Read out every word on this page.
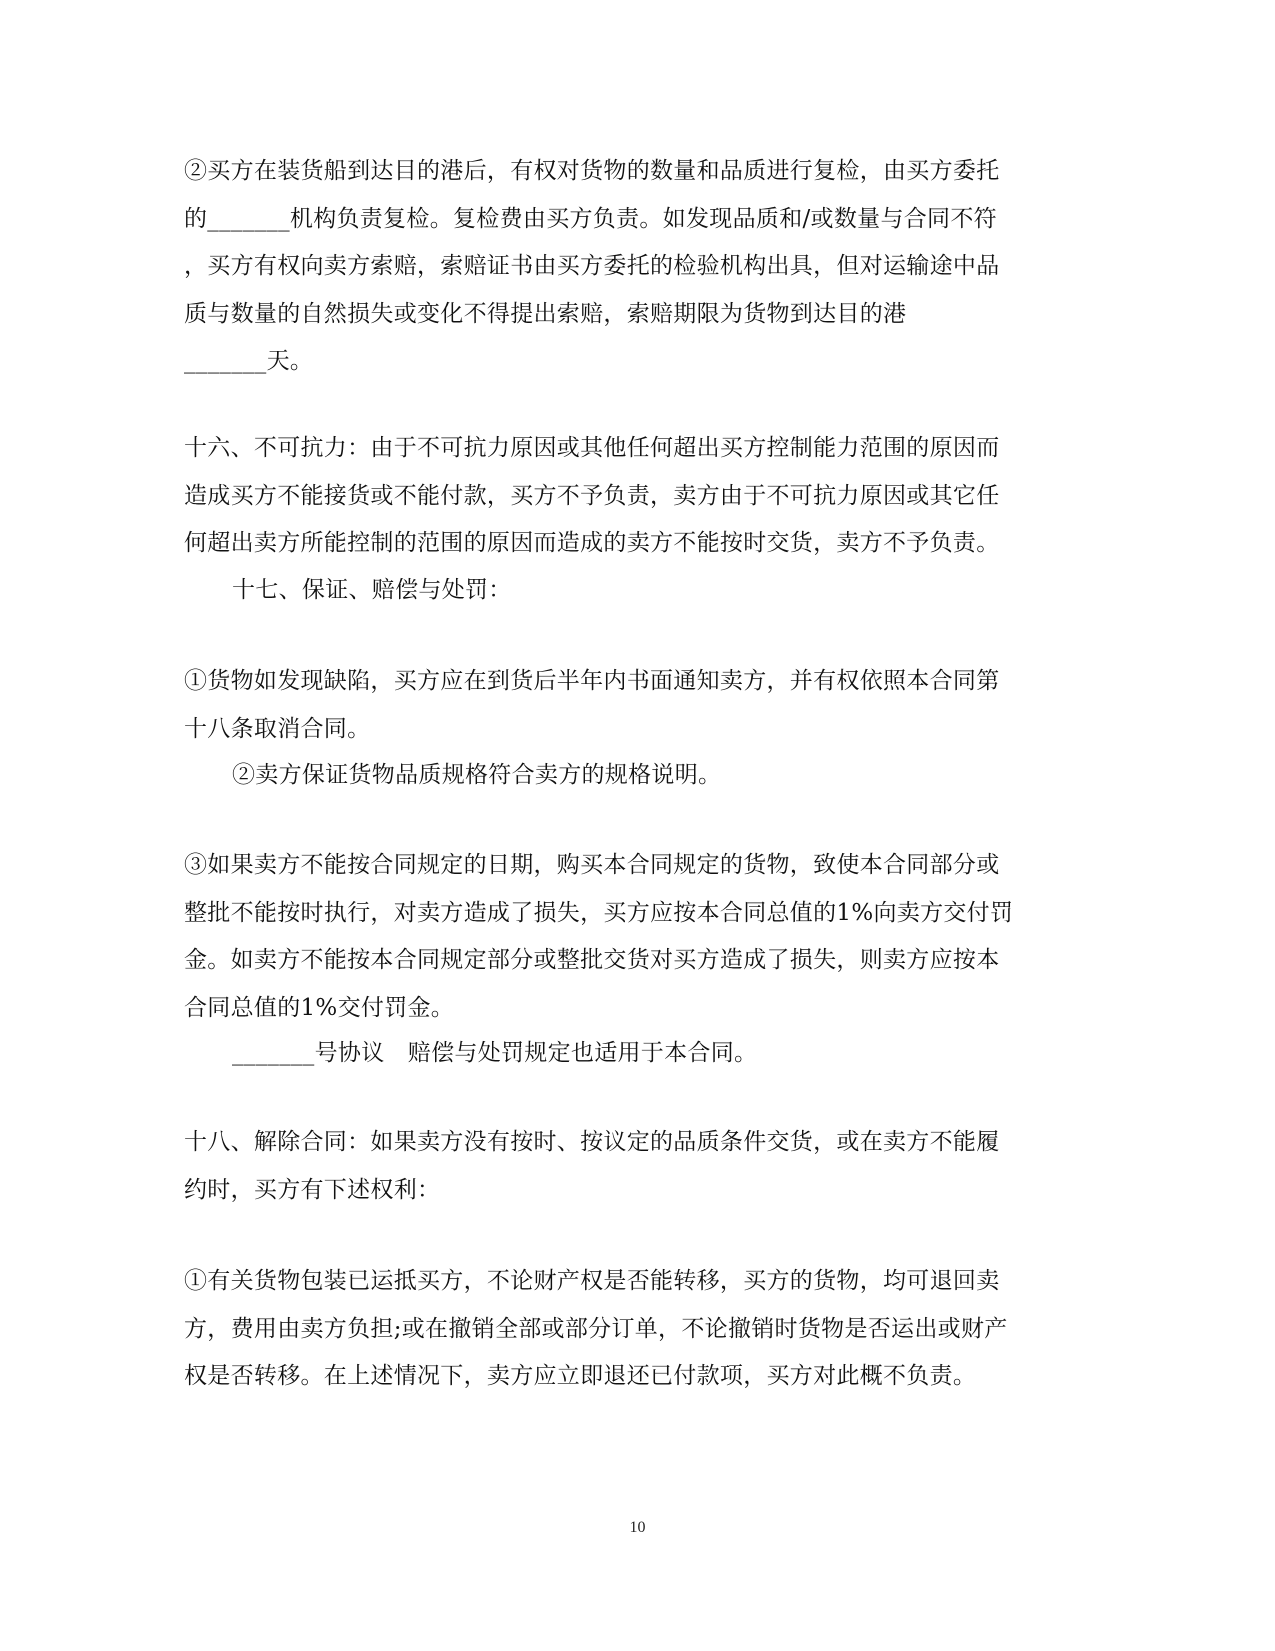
②买方在装货船到达目的港后，有权对货物的数量和品质进行复检，由买方委托
的_______机构负责复检。复检费由买方负责。如发现品质和/或数量与合同不符
，买方有权向卖方索赔，索赔证书由买方委托的检验机构出具，但对运输途中品
质与数量的自然损失或变化不得提出索赔，索赔期限为货物到达目的港
_______天。
十六、不可抗力：由于不可抗力原因或其他任何超出买方控制能力范围的原因而
造成买方不能接货或不能付款，买方不予负责，卖方由于不可抗力原因或其它任
何超出卖方所能控制的范围的原因而造成的卖方不能按时交货，卖方不予负责。
十七、保证、赔偿与处罚：
①货物如发现缺陷，买方应在到货后半年内书面通知卖方，并有权依照本合同第
十八条取消合同。
②卖方保证货物品质规格符合卖方的规格说明。
③如果卖方不能按合同规定的日期，购买本合同规定的货物，致使本合同部分或
整批不能按时执行，对卖方造成了损失，买方应按本合同总值的1%向卖方交付罚
金。如卖方不能按本合同规定部分或整批交货对买方造成了损失，则卖方应按本
合同总值的1%交付罚金。
_______号协议　赔偿与处罚规定也适用于本合同。
十八、解除合同：如果卖方没有按时、按议定的品质条件交货，或在卖方不能履
约时，买方有下述权利：
①有关货物包装已运抵买方，不论财产权是否能转移，买方的货物，均可退回卖
方，费用由卖方负担;或在撤销全部或部分订单，不论撤销时货物是否运出或财产
权是否转移。在上述情况下，卖方应立即退还已付款项，买方对此概不负责。
10
